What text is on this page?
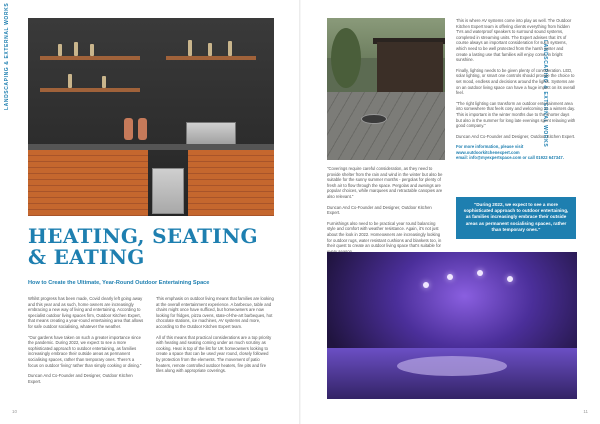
LANDSCAPING & EXTERNAL WORKS
HEATING, SEATING
& EATING
How to Create the Ultimate, Year-Round Outdoor Entertaining Space

Whilst progress has been made, Covid clearly left going away and this year and as such, home owners are increasingly embracing a new way of living and entertaining. According to specialist outdoor living spaces firm, Outdoor Kitchen Expert, that means creating a year-round entertaining area that allows for safe outdoor socialising, whatever the weather.

"Our gardens have taken on such a greater importance since the pandemic. During 2022, we expect to see a more sophisticated approach to outdoor entertaining, as families increasingly embrace their outside areas as permanent socialising spaces, rather than temporary ones. There's a focus on outdoor 'living' rather than simply cooking or dining."

Duncan And Co-Founder and Designer, Outdoor Kitchen Expert.

This emphasis on outdoor living means that families are looking at the overall entertainment experience. A barbecue, table and chairs might once have sufficed, but homeowners are now looking for fridges, pizza ovens, state-of-the-art barbeques, hot chocolate stations, ice machines, AV systems and more, according to the Outdoor Kitchen Expert team.

All of this means that practical considerations are a top priority with heating and seating coming under as much scrutiny as cooking. Heat is top of the list for UK homeowners looking to create a space that can be used year round, closely followed by protection from the elements. The movement of patio heaters, remote controlled outdoor heaters, fire pits and fire tiles along with appropriate coverings.

10
LANDSCAPING & EXTERNAL WORKS

"Coverings require careful consideration, as they need to provide shelter from the rain and wind in the winter but also be suitable for the sunny summer months - pergolas for plenty of fresh air to flow through the space. Pergolas and awnings are popular choices, while marquees and retractable canopies are also relevant."

Duncan And Co-Founder and Designer, Outdoor Kitchen Expert.

Furnishings also need to be practical year round balancing style and comfort with weather resistance. Again, it's not just about the look in 2022. Homeowners are increasingly looking for outdoor rugs, water resistant cushions and blankets too, in their quest to create an outdoor living space that's suitable for

This is where AV systems come into play as well. The Outdoor Kitchen Expert team is offering clients everything from hidden TVs and waterproof speakers to surround sound systems, completed in streaming units. The Expert advises that it's of course always an important consideration for such systems, which need to be well protected from the harsh winter and create a lasting use that families will enjoy come, in bright sunshine.

Finally, lighting needs to be given plenty of consideration. LED, solar lighting, or smart one controls should provide the choice to set mood, endless and decisions around the lights. Systems are on an outdoor living space can have a huge impact on its overall feel.

"The right lighting can transform an outdoor entertainment area into somewhere that feels cosy and welcoming on a winters day. This is important in the winter months due to the shorter days but also in the summer for long late evenings spent relaxing with good company."

Duncan And Co-Founder and Designer, Outdoor Kitchen Expert.

For more information, please visit
www.outdoorkitchenexpert.com
email: info@myexpertspace.com or call 01922 647347.
"During 2022, we expect to see a more sophisticated approach to outdoor entertaining, as families increasingly embrace their outside areas as permanent socialising spaces, rather than temporary ones."
11
